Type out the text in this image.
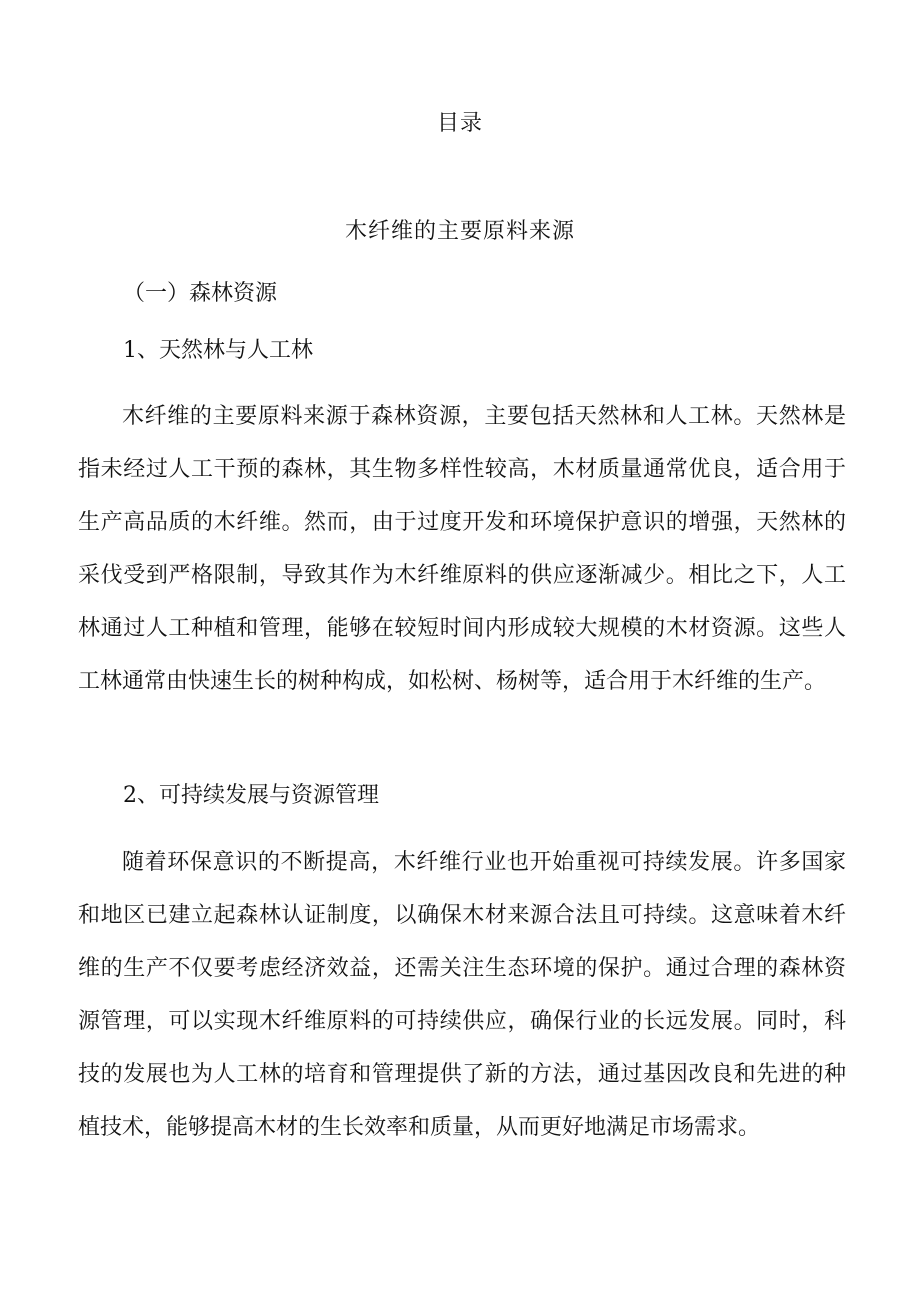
目录
木纤维的主要原料来源
（一）森林资源
1、天然林与人工林

木纤维的主要原料来源于森林资源，主要包括天然林和人工林。天然林是指未经过人工干预的森林，其生物多样性较高，木材质量通常优良，适合用于生产高品质的木纤维。然而，由于过度开发和环境保护意识的增强，天然林的采伐受到严格限制，导致其作为木纤维原料的供应逐渐减少。相比之下，人工林通过人工种植和管理，能够在较短时间内形成较大规模的木材资源。这些人工林通常由快速生长的树种构成，如松树、杨树等，适合用于木纤维的生产。

2、可持续发展与资源管理

随着环保意识的不断提高，木纤维行业也开始重视可持续发展。许多国家和地区已建立起森林认证制度，以确保木材来源合法且可持续。这意味着木纤维的生产不仅要考虑经济效益，还需关注生态环境的保护。通过合理的森林资源管理，可以实现木纤维原料的可持续供应，确保行业的长远发展。同时，科技的发展也为人工林的培育和管理提供了新的方法，通过基因改良和先进的种植技术，能够提高木材的生长效率和质量，从而更好地满足市场需求。
